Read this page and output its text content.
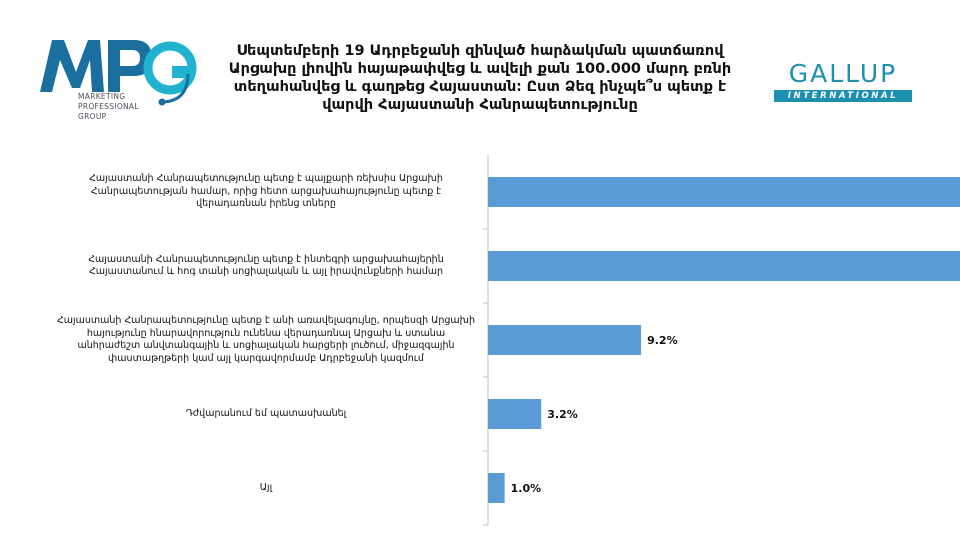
MARKETING
PROFESSIONAL
GROUP
Սեպտեմբերի 19 Ադրբեջանի զինված հարձակման պատճառով Արցախը լիովին հայաթափվեց և ավելի քան 100.000 մարդ բռնի տեղահանվեց և գաղթեց Հայաստան։ Ըստ Ձեզ ինչպե՞ս պետք է վարվի Հայաստանի Հանրապետությունը
GALLUP
INTERNATIONAL
9.2%
3.2%
1.0%
Հայաստանի Հանրապետությունը պետք է պայքարի ռեխսիս Արցախի Հանրապետության համար, որից հետո արցախահայությունը պետք է վերադառնան իրենց տները
Հայաստանի Հանրապետությունը պետք է ինտեգրի արցախահայերին Հայաստանում և հոգ տանի սոցիալական և այլ իրավունքների համար
Հայաստանի Հանրապետությունը պետք է անի առավելագույնը, որպեսզի Արցախի հայությունը հնարավորություն ունենա վերադառնալ Արցախ և ստանա անհրաժեշտ անվտանգային և սոցիալական հարցերի լուծում, միջազգային փաստաթղթերի կամ այլ կարգավորմամբ Ադրբեջանի կազմում
Դժվարանում եմ պատասխանել
Այլ
